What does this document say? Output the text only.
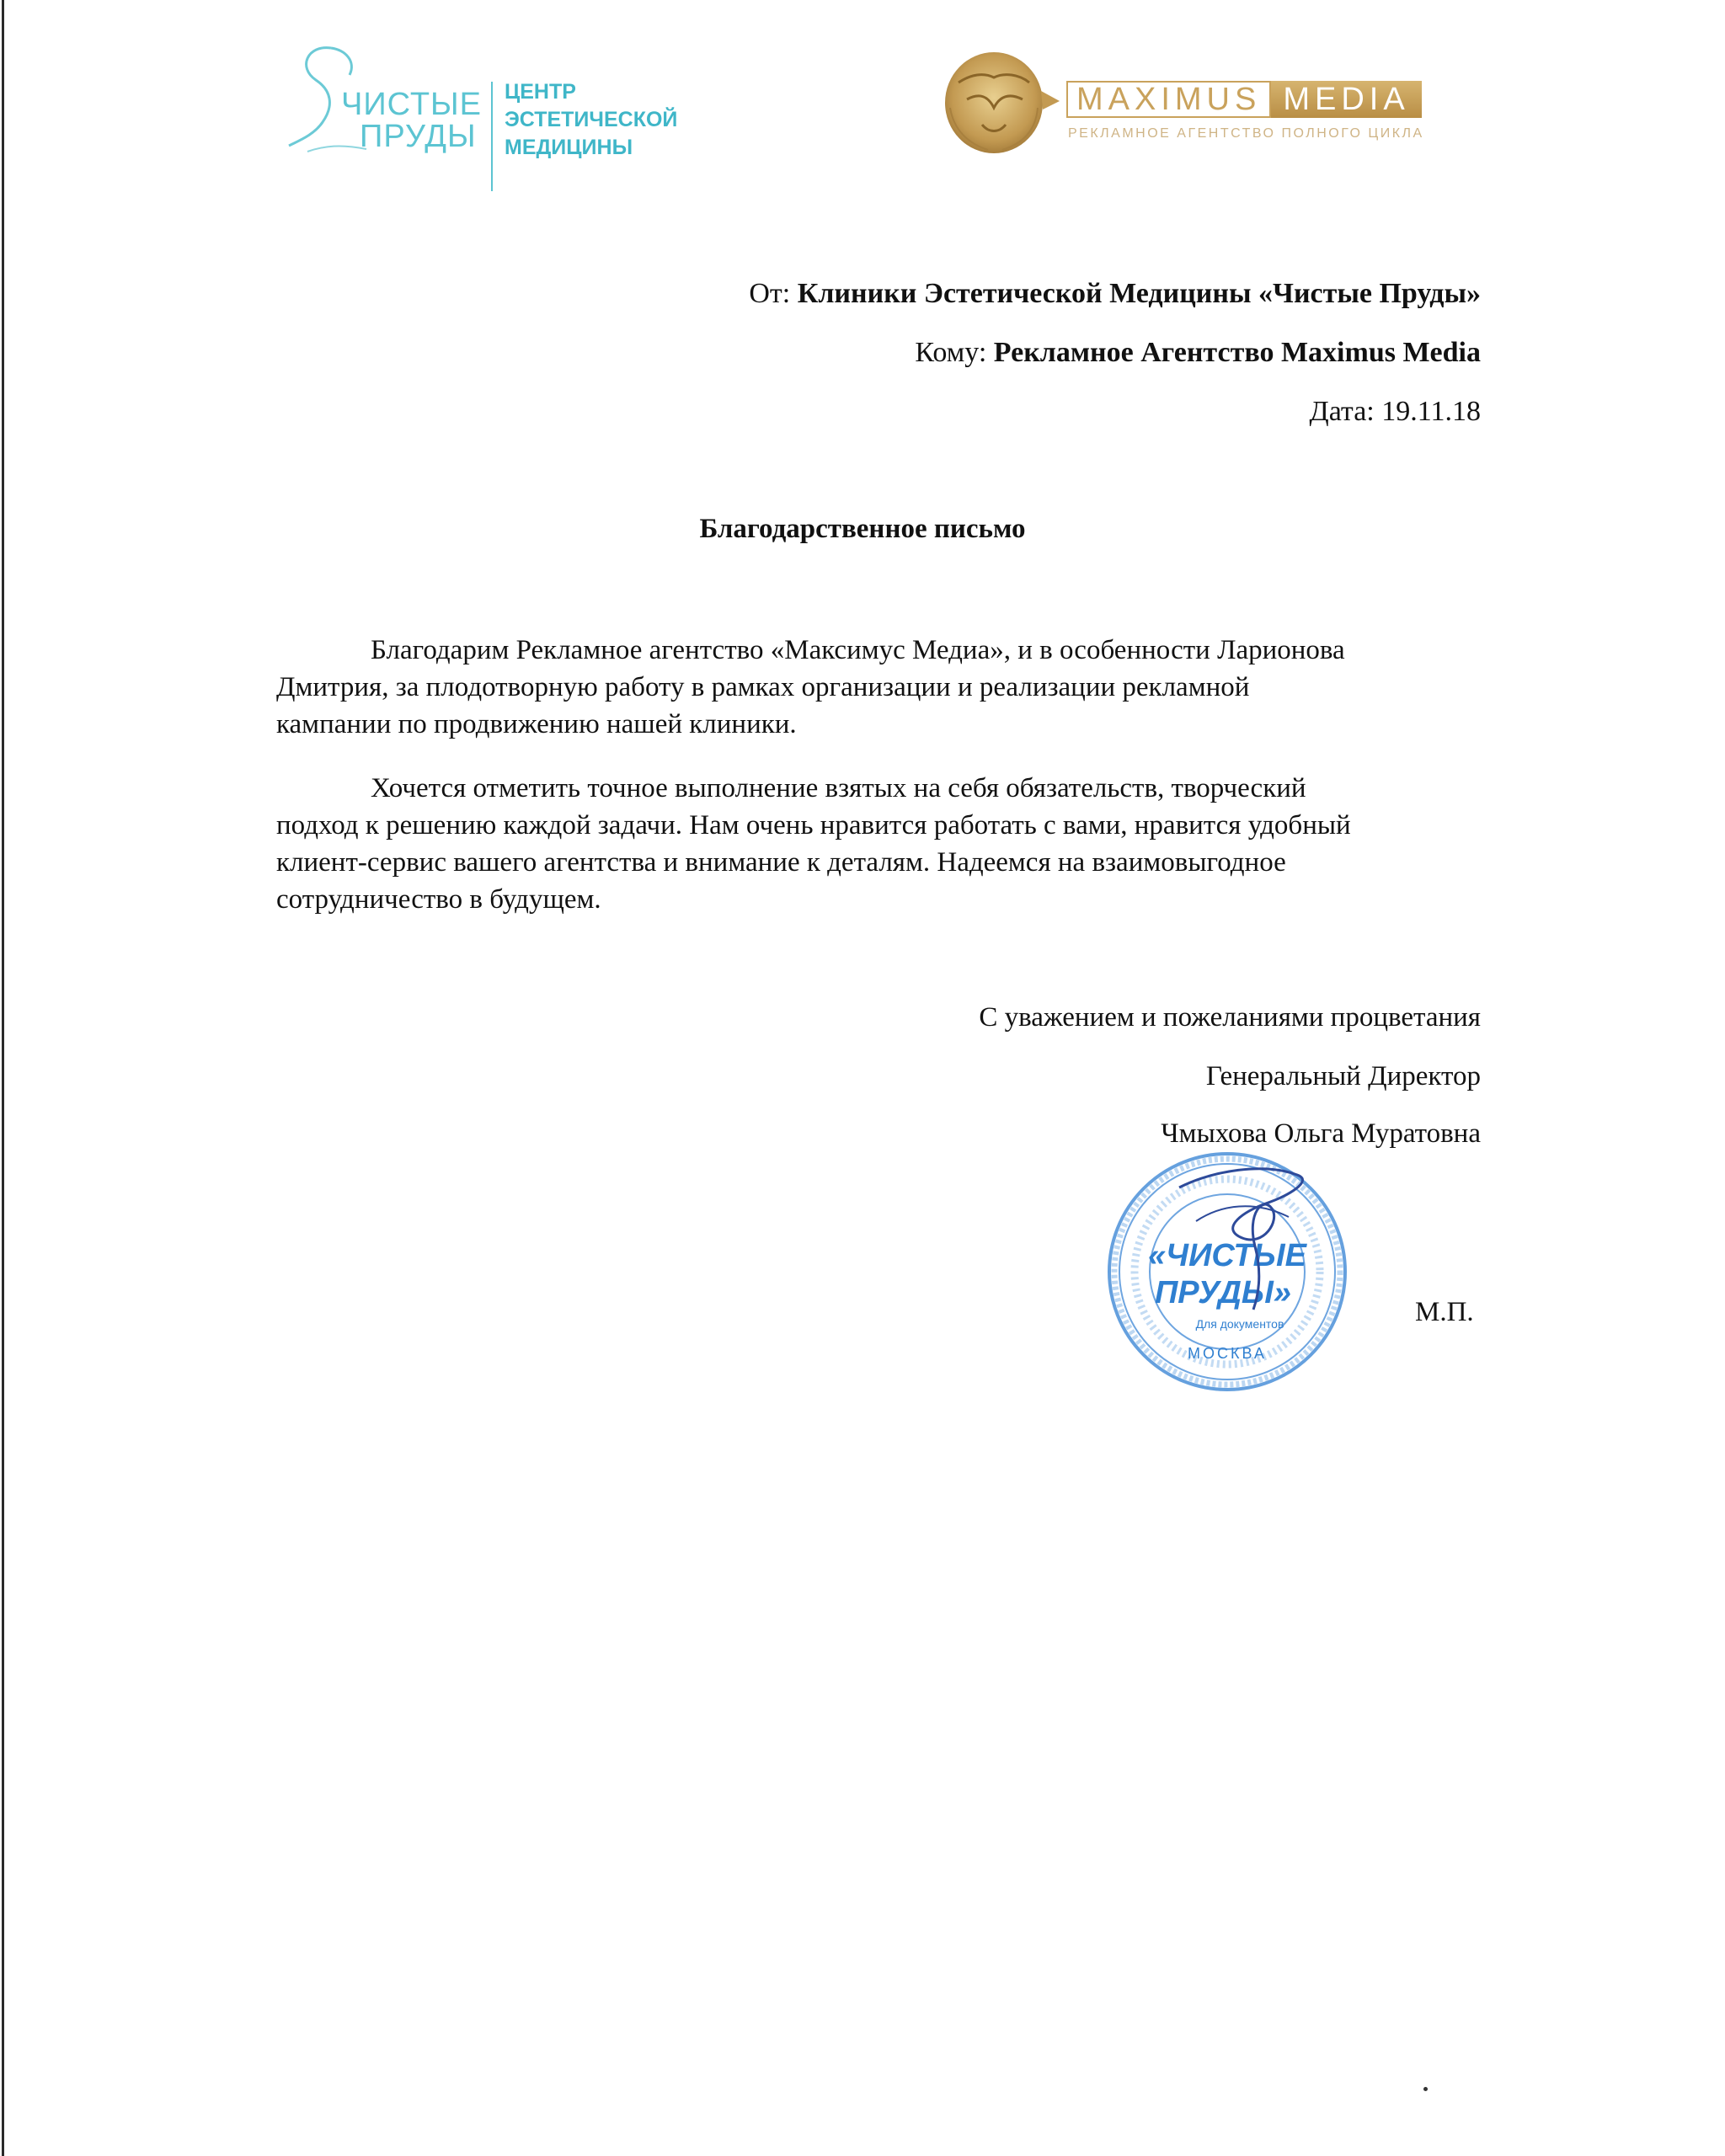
ЧИСТЫЕ
ПРУДЫ
ЦЕНТР
ЭСТЕТИЧЕСКОЙ
МЕДИЦИНЫ
MAXIMUS MEDIA
РЕКЛАМНОЕ АГЕНТСТВО ПОЛНОГО ЦИКЛА
От: Клиники Эстетической Медицины «Чистые Пруды»
Кому: Рекламное Агентство Maximus Media
Дата: 19.11.18
Благодарственное письмо
Благодарим Рекламное агентство «Максимус Медиа», и в особенности Ларионова
Дмитрия, за плодотворную работу в рамках организации и реализации рекламной
кампании по продвижению нашей клиники.
Хочется отметить точное выполнение взятых на себя обязательств, творческий
подход к решению каждой задачи. Нам очень нравится работать с вами, нравится удобный
клиент-сервис вашего агентства и внимание к деталям. Надеемся на взаимовыгодное
сотрудничество в будущем.
С уважением и пожеланиями процветания
Генеральный Директор
Чмыхова Ольга Муратовна
«ЧИСТЫЕ
ПРУДЫ»
Для документов
МОСКВА
М.П.
